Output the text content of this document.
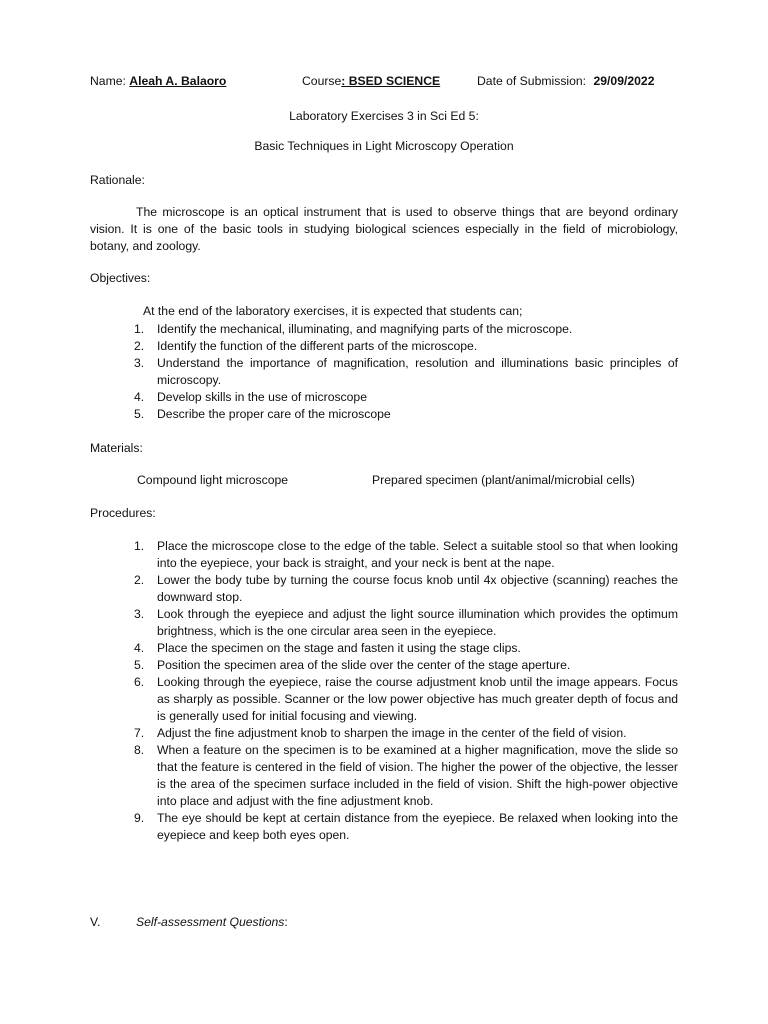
Name: Aleah A. Balaoro	Course: BSED SCIENCE	Date of Submission: 29/09/2022
Laboratory Exercises 3 in Sci Ed 5:
Basic Techniques in Light Microscopy Operation
Rationale:
The microscope is an optical instrument that is used to observe things that are beyond ordinary vision. It is one of the basic tools in studying biological sciences especially in the field of microbiology, botany, and zoology.
Objectives:
At the end of the laboratory exercises, it is expected that students can;
1. Identify the mechanical, illuminating, and magnifying parts of the microscope.
2. Identify the function of the different parts of the microscope.
3. Understand the importance of magnification, resolution and illuminations basic principles of microscopy.
4. Develop skills in the use of microscope
5. Describe the proper care of the microscope
Materials:
Compound light microscope	Prepared specimen (plant/animal/microbial cells)
Procedures:
1. Place the microscope close to the edge of the table. Select a suitable stool so that when looking into the eyepiece, your back is straight, and your neck is bent at the nape.
2. Lower the body tube by turning the course focus knob until 4x objective (scanning) reaches the downward stop.
3. Look through the eyepiece and adjust the light source illumination which provides the optimum brightness, which is the one circular area seen in the eyepiece.
4. Place the specimen on the stage and fasten it using the stage clips.
5. Position the specimen area of the slide over the center of the stage aperture.
6. Looking through the eyepiece, raise the course adjustment knob until the image appears. Focus as sharply as possible. Scanner or the low power objective has much greater depth of focus and is generally used for initial focusing and viewing.
7. Adjust the fine adjustment knob to sharpen the image in the center of the field of vision.
8. When a feature on the specimen is to be examined at a higher magnification, move the slide so that the feature is centered in the field of vision. The higher the power of the objective, the lesser is the area of the specimen surface included in the field of vision. Shift the high-power objective into place and adjust with the fine adjustment knob.
9. The eye should be kept at certain distance from the eyepiece. Be relaxed when looking into the eyepiece and keep both eyes open.
V.	Self-assessment Questions:
